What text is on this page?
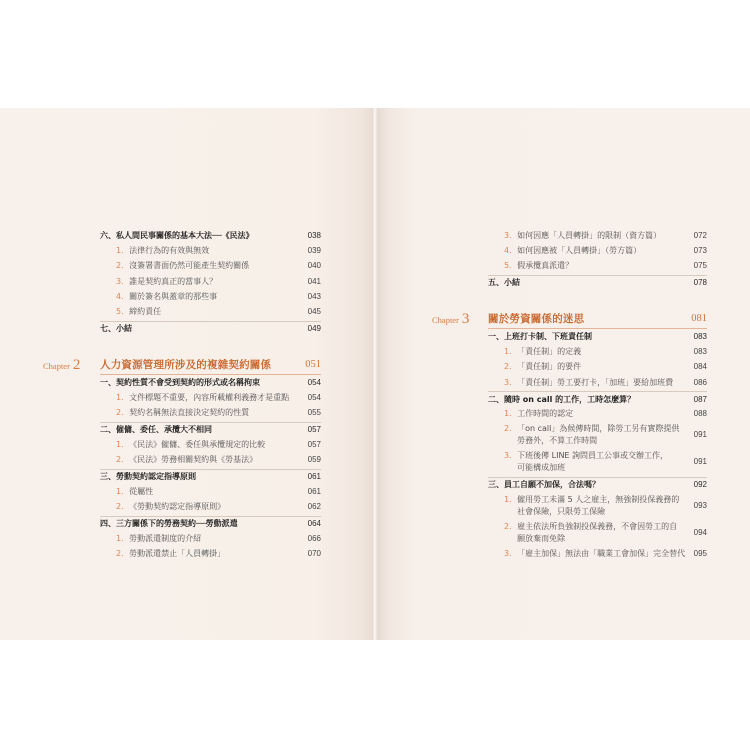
六、私人間民事關係的基本大法──《民法》	038
1． 法律行為的有效與無效	039
2． 沒簽署書面仍然可能產生契約關係	040
3． 誰是契約真正的當事人？	041
4． 關於簽名與蓋章的那些事	043
5． 締約責任	045
七、小結	049
Chapter 2 人力資源管理所涉及的複雜契約關係	051
一、契約性質不會受到契約的形式或名稱拘束	054
1． 文件標題不重要，內容所載權利義務才是重點 054
2． 契約名稱無法直接決定契約的性質	055
二、僱傭、委任、承攬大不相同	057
1． 《民法》僱傭、委任與承攬規定的比較	057
2． 《民法》勞務相關契約與《勞基法》	059
三、勞動契約認定指導原則	061
1． 從屬性	061
2． 《勞動契約認定指導原則》	062
四、三方關係下的勞務契約──勞動派遣	064
1． 勞動派遣制度的介紹	066
2． 勞動派遣禁止「人員轉掛」	070
3． 如何因應「人員轉掛」的限制（資方篇）	072
4． 如何因應被「人員轉掛」（勞方篇）	073
5． 假承攬真派遣？	075
五、小結	078
Chapter 3 關於勞資關係的迷思	081
一、上班打卡制、下班責任制	083
1． 「責任制」的定義	083
2． 「責任制」的要件	084
3． 「責任制」勞工要打卡，「加班」要給加班費	086
二、隨時 on call 的工作，工時怎麼算？	087
1． 工作時間的認定	088
2． 「on call」為候傳時間，除勞工另有實際提供
勞務外，不算工作時間
091
3． 下班後傳 LINE 詢問員工公事或交辦工作，
可能構成加班
091
三、員工自願不加保，合法嗎？	092
1． 僱用勞工未滿 5 人之雇主，無強制投保義務的
社會保險，只限勞工保險
093
2． 雇主依法所負強制投保義務，不會因勞工的自
願放棄而免除
094
3． 「雇主加保」無法由「職業工會加保」完全替代 095
